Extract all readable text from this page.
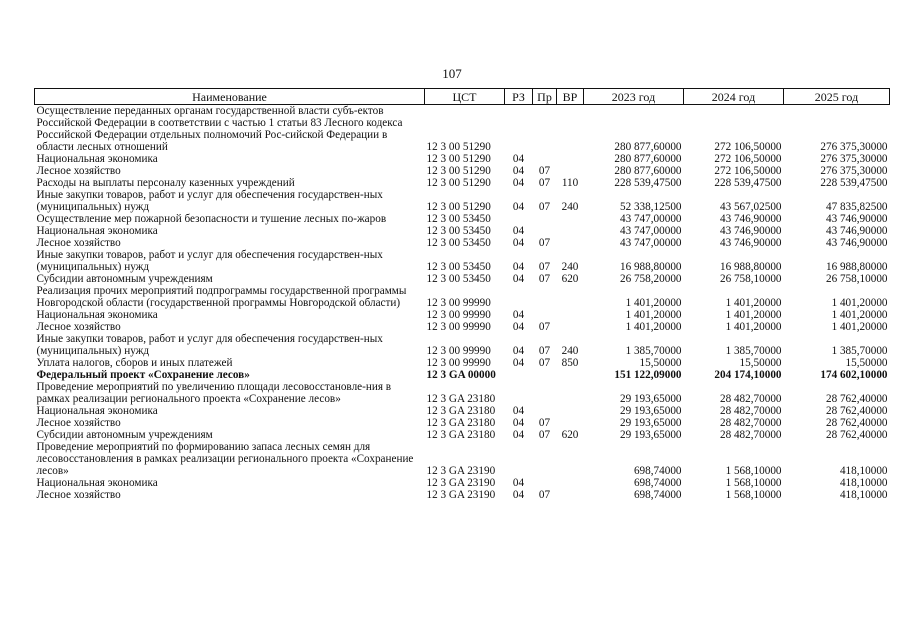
107
Наименование	ЦСТ	РЗ	Пр	ВР	2023 год	2024 год	2025 год
Осуществление переданных органам государственной власти субъ-ектов Российской Федерации в соответствии с частью 1 статьи 83 Лесного кодекса Российской Федерации отдельных полномочий Рос-сийской Федерации в области лесных отношений	12 3 00 51290				280 877,60000	272 106,50000	276 375,30000
Национальная экономика	12 3 00 51290	04			280 877,60000	272 106,50000	276 375,30000
Лесное хозяйство	12 3 00 51290	04	07		280 877,60000	272 106,50000	276 375,30000
Расходы на выплаты персоналу казенных учреждений	12 3 00 51290	04	07	110	228 539,47500	228 539,47500	228 539,47500
Иные закупки товаров, работ и услуг для обеспечения государствен-ных (муниципальных) нужд	12 3 00 51290	04	07	240	52 338,12500	43 567,02500	47 835,82500
Осуществление мер пожарной безопасности и тушение лесных по-жаров	12 3 00 53450				43 747,00000	43 746,90000	43 746,90000
Национальная экономика	12 3 00 53450	04			43 747,00000	43 746,90000	43 746,90000
Лесное хозяйство	12 3 00 53450	04	07		43 747,00000	43 746,90000	43 746,90000
Иные закупки товаров, работ и услуг для обеспечения государствен-ных (муниципальных) нужд	12 3 00 53450	04	07	240	16 988,80000	16 988,80000	16 988,80000
Субсидии автономным учреждениям	12 3 00 53450	04	07	620	26 758,20000	26 758,10000	26 758,10000
Реализация прочих мероприятий подпрограммы государственной программы Новгородской области (государственной программы Новгородской области)	12 3 00 99990				1 401,20000	1 401,20000	1 401,20000
Национальная экономика	12 3 00 99990	04			1 401,20000	1 401,20000	1 401,20000
Лесное хозяйство	12 3 00 99990	04	07		1 401,20000	1 401,20000	1 401,20000
Иные закупки товаров, работ и услуг для обеспечения государствен-ных (муниципальных) нужд	12 3 00 99990	04	07	240	1 385,70000	1 385,70000	1 385,70000
Уплата налогов, сборов и иных платежей	12 3 00 99990	04	07	850	15,50000	15,50000	15,50000
Федеральный проект «Сохранение лесов»	12 3 GA 00000				151 122,09000	204 174,10000	174 602,10000
Проведение мероприятий по увеличению площади лесовосстановле-ния в рамках реализации регионального проекта «Сохранение лесов»	12 3 GA 23180				29 193,65000	28 482,70000	28 762,40000
Национальная экономика	12 3 GA 23180	04			29 193,65000	28 482,70000	28 762,40000
Лесное хозяйство	12 3 GA 23180	04	07		29 193,65000	28 482,70000	28 762,40000
Субсидии автономным учреждениям	12 3 GA 23180	04	07	620	29 193,65000	28 482,70000	28 762,40000
Проведение мероприятий по формированию запаса лесных семян для лесовосстановления в рамках реализации регионального проекта «Сохранение лесов»	12 3 GA 23190				698,74000	1 568,10000	418,10000
Национальная экономика	12 3 GA 23190	04			698,74000	1 568,10000	418,10000
Лесное хозяйство	12 3 GA 23190	04	07		698,74000	1 568,10000	418,10000
